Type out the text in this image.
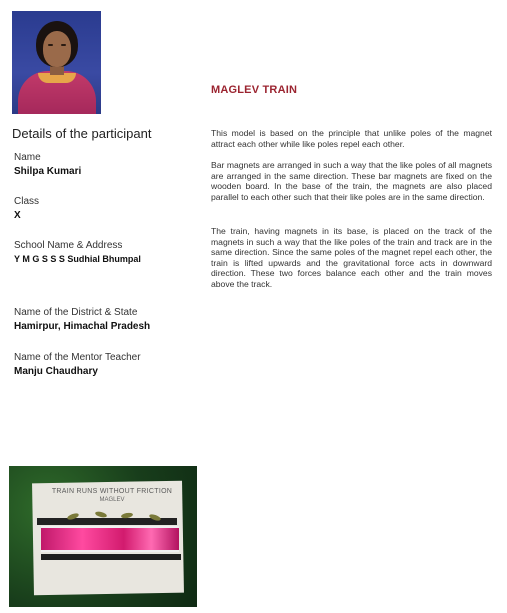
MAGLEV TRAIN
Details of the participant
Name
Shilpa Kumari
Class
X
School Name & Address
Y M G S S S Sudhial Bhumpal
Name of the District & State
Hamirpur, Himachal Pradesh
Name of the Mentor Teacher
Manju Chaudhary

This model is based on the principle that unlike poles of the magnet attract each other while like poles repel each other.

Bar magnets are arranged in such a way that the like poles of all magnets are arranged in the same direction. These bar magnets are fixed on the wooden board. In the base of the train, the magnets are also placed parallel to each other such that their like poles are in the same direction.

The train, having magnets in its base, is placed on the track of the magnets in such a way that the like poles of the train and track are in the same direction. Since the same poles of the magnet repel each other, the train is lifted upwards and the gravitational force acts in downward direction. These two forces balance each other and the train moves above the track.

TRAIN RUNS WITHOUT FRICTION
MAGLEV
